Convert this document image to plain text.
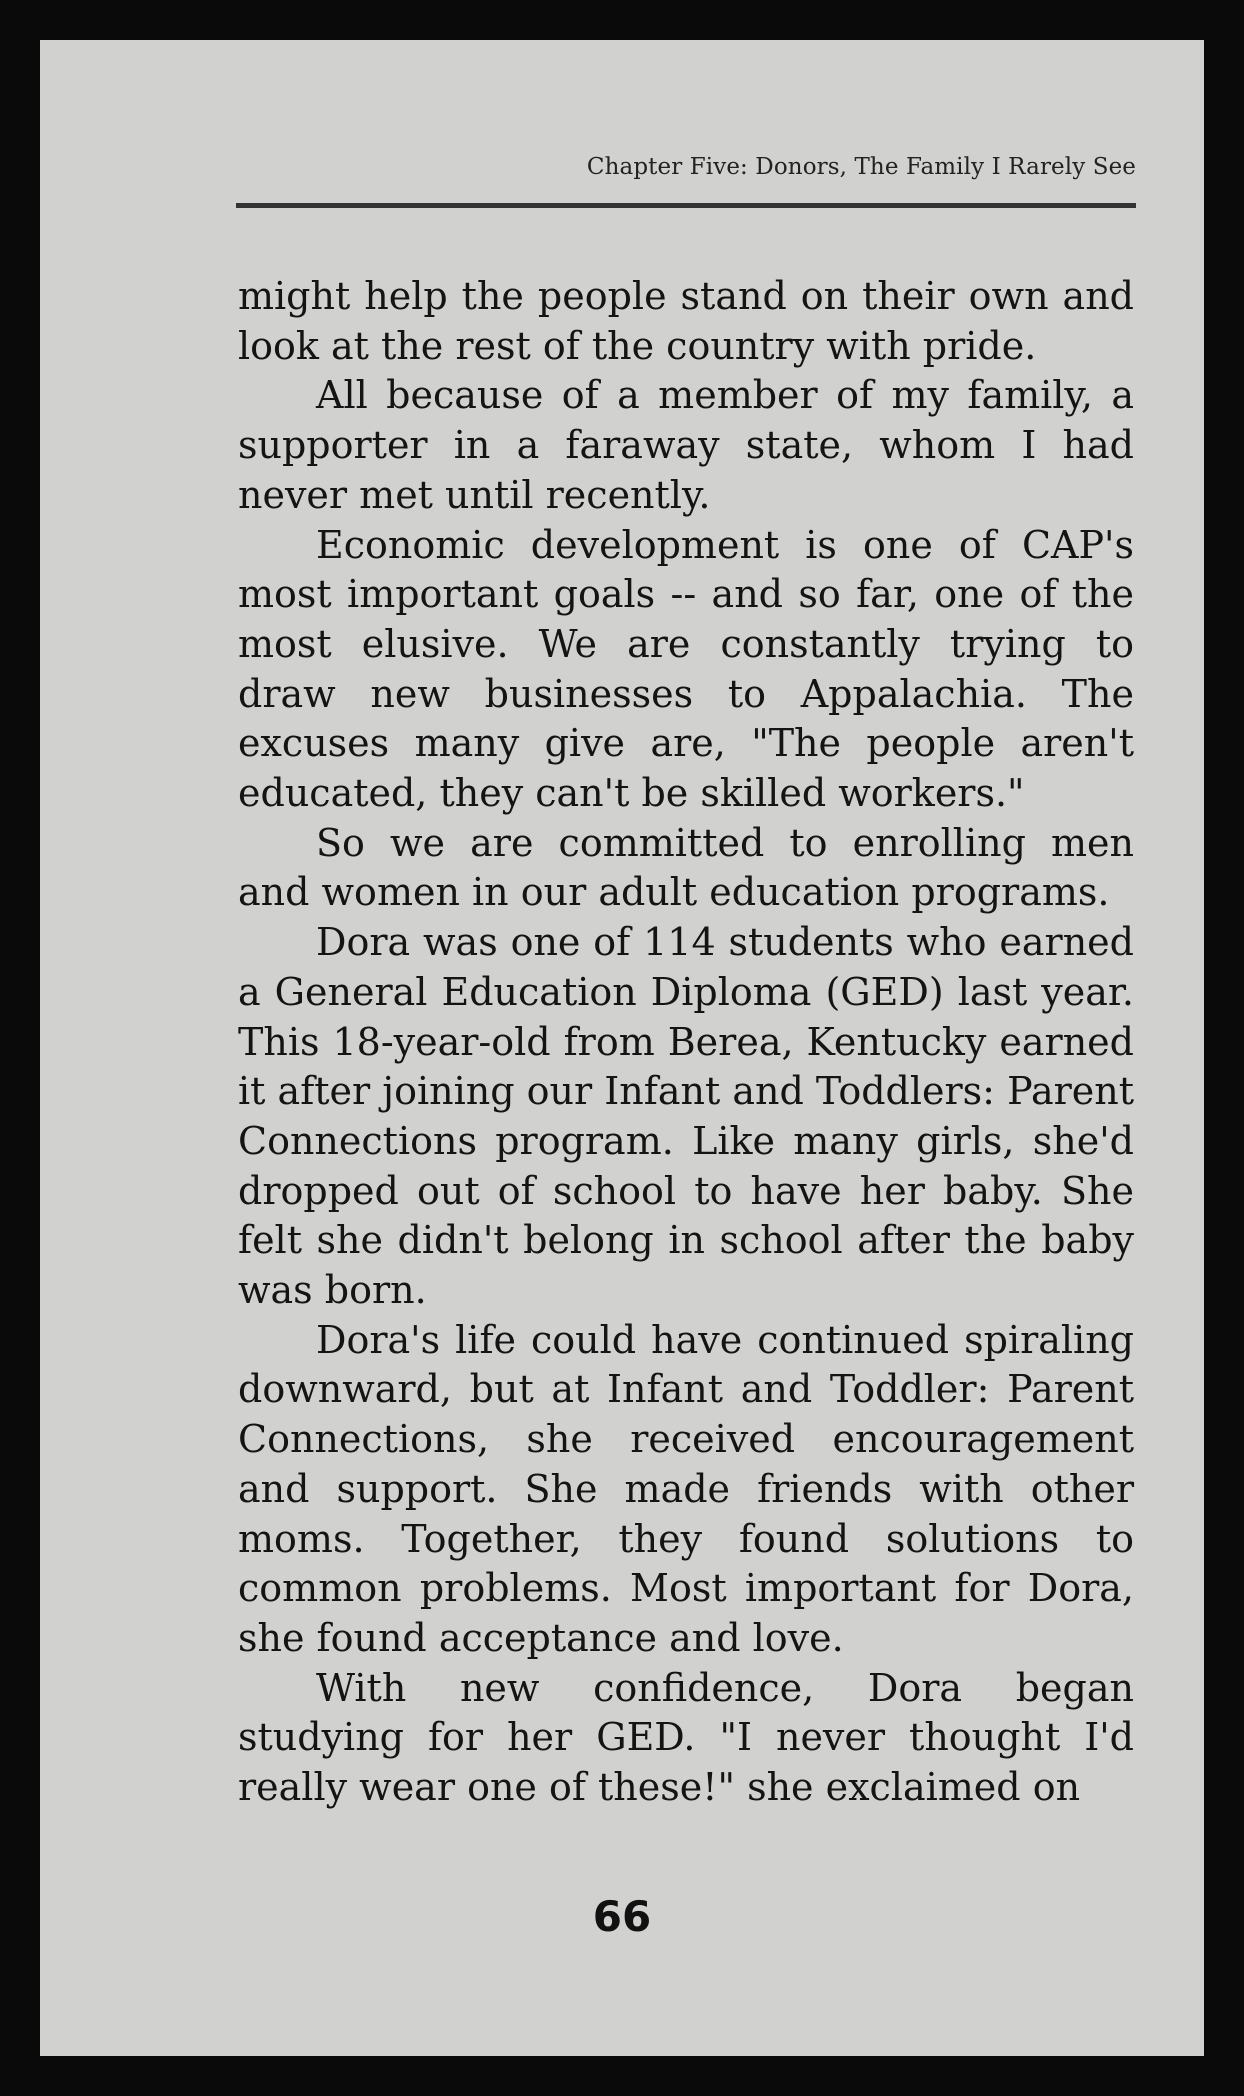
Chapter Five: Donors, The Family I Rarely See

might help the people stand on their own and look at the rest of the country with pride.

All because of a member of my family, a supporter in a faraway state, whom I had never met until recently.

Economic development is one of CAP's most important goals -- and so far, one of the most elusive. We are constantly trying to draw new businesses to Appalachia. The excuses many give are, "The people aren't educated, they can't be skilled workers."

So we are committed to enrolling men and women in our adult education programs.

Dora was one of 114 students who earned a General Education Diploma (GED) last year. This 18-year-old from Berea, Kentucky earned it after joining our Infant and Toddlers: Parent Connections program. Like many girls, she'd dropped out of school to have her baby. She felt she didn't belong in school after the baby was born.

Dora's life could have continued spiraling downward, but at Infant and Toddler: Parent Connections, she received encouragement and support. She made friends with other moms. Together, they found solutions to common problems. Most important for Dora, she found acceptance and love.

With new confidence, Dora began studying for her GED. "I never thought I'd really wear one of these!" she exclaimed on

66
